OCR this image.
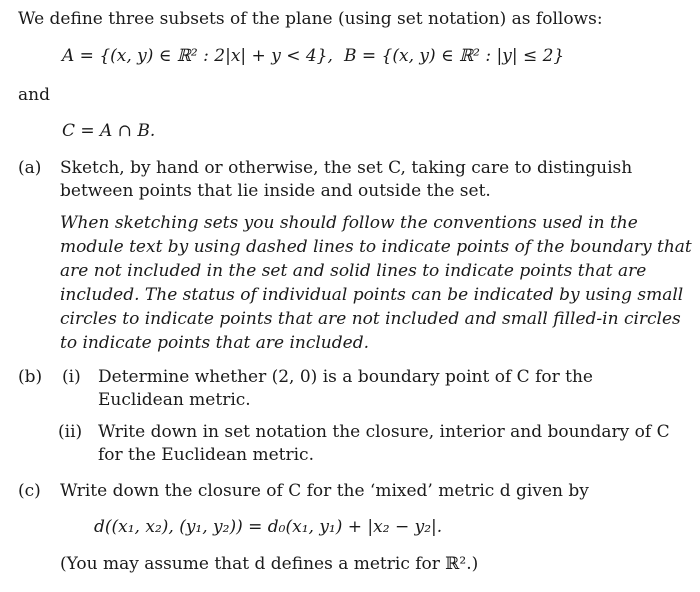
We define three subsets of the plane (using set notation) as follows:
A = {(x, y) ∈ ℝ² : 2|x| + y < 4}, B = {(x, y) ∈ ℝ² : |y| ≤ 2}
and
C = A ∩ B.
(a) Sketch, by hand or otherwise, the set C, taking care to distinguish
between points that lie inside and outside the set.
When sketching sets you should follow the conventions used in the
module text by using dashed lines to indicate points of the boundary that
are not included in the set and solid lines to indicate points that are
included. The status of individual points can be indicated by using small
circles to indicate points that are not included and small filled-in circles
to indicate points that are included.
(b) (i) Determine whether (2, 0) is a boundary point of C for the
Euclidean metric.
(ii) Write down in set notation the closure, interior and boundary of C
for the Euclidean metric.
(c) Write down the closure of C for the ‘mixed’ metric d given by
d((x₁, x₂), (y₁, y₂)) = d₀(x₁, y₁) + |x₂ − y₂|.
(You may assume that d defines a metric for ℝ².)
